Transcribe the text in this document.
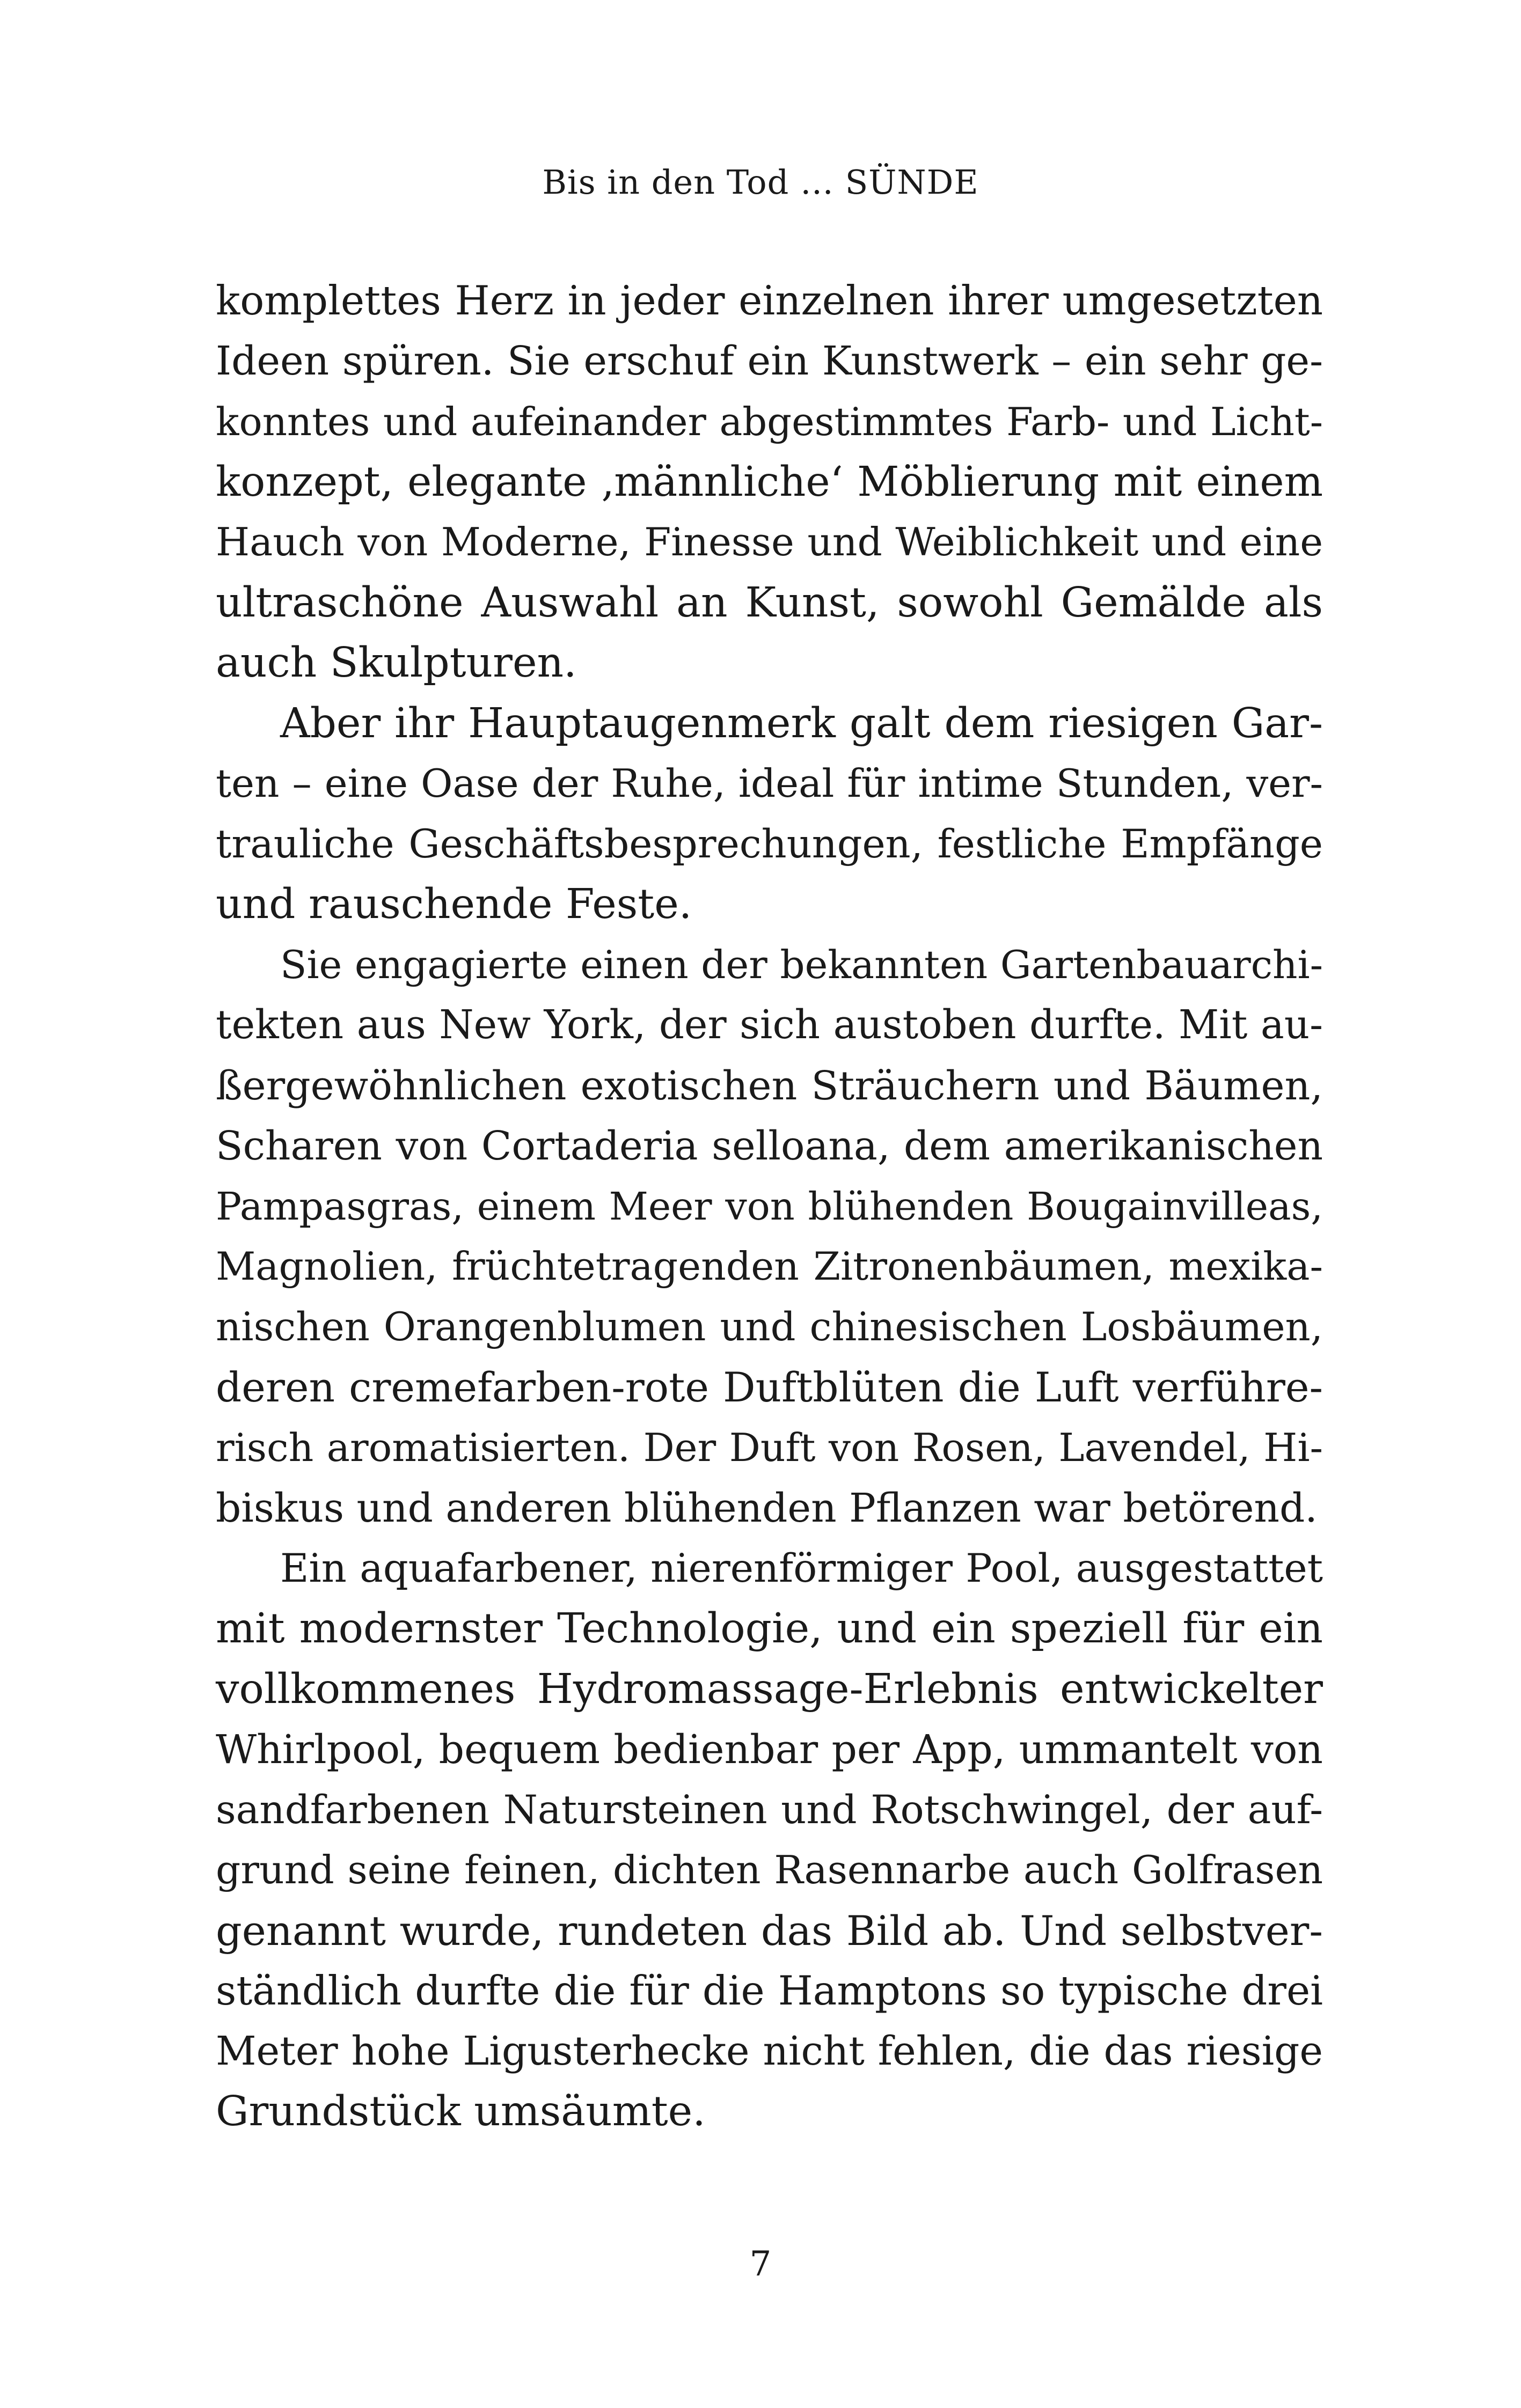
Bis in den Tod … SÜNDE
komplettes Herz in jeder einzelnen ihrer umgesetzten
Ideen spüren. Sie erschuf ein Kunstwerk – ein sehr ge-
konntes und aufeinander abgestimmtes Farb- und Licht-
konzept, elegante ‚männliche‘ Möblierung mit einem
Hauch von Moderne, Finesse und Weiblichkeit und eine
ultraschöne Auswahl an Kunst, sowohl Gemälde als
auch Skulpturen.
Aber ihr Hauptaugenmerk galt dem riesigen Gar-
ten – eine Oase der Ruhe, ideal für intime Stunden, ver-
trauliche Geschäftsbesprechungen, festliche Empfänge
und rauschende Feste.
Sie engagierte einen der bekannten Gartenbauarchi-
tekten aus New York, der sich austoben durfte. Mit au-
ßergewöhnlichen exotischen Sträuchern und Bäumen,
Scharen von Cortaderia selloana, dem amerikanischen
Pampasgras, einem Meer von blühenden Bougainvilleas,
Magnolien, früchtetragenden Zitronenbäumen, mexika-
nischen Orangenblumen und chinesischen Losbäumen,
deren cremefarben-rote Duftblüten die Luft verführe-
risch aromatisierten. Der Duft von Rosen, Lavendel, Hi-
biskus und anderen blühenden Pflanzen war betörend.
Ein aquafarbener, nierenförmiger Pool, ausgestattet
mit modernster Technologie, und ein speziell für ein
vollkommenes Hydromassage-Erlebnis entwickelter
Whirlpool, bequem bedienbar per App, ummantelt von
sandfarbenen Natursteinen und Rotschwingel, der auf-
grund seine feinen, dichten Rasennarbe auch Golfrasen
genannt wurde, rundeten das Bild ab. Und selbstver-
ständlich durfte die für die Hamptons so typische drei
Meter hohe Ligusterhecke nicht fehlen, die das riesige
Grundstück umsäumte.
7
